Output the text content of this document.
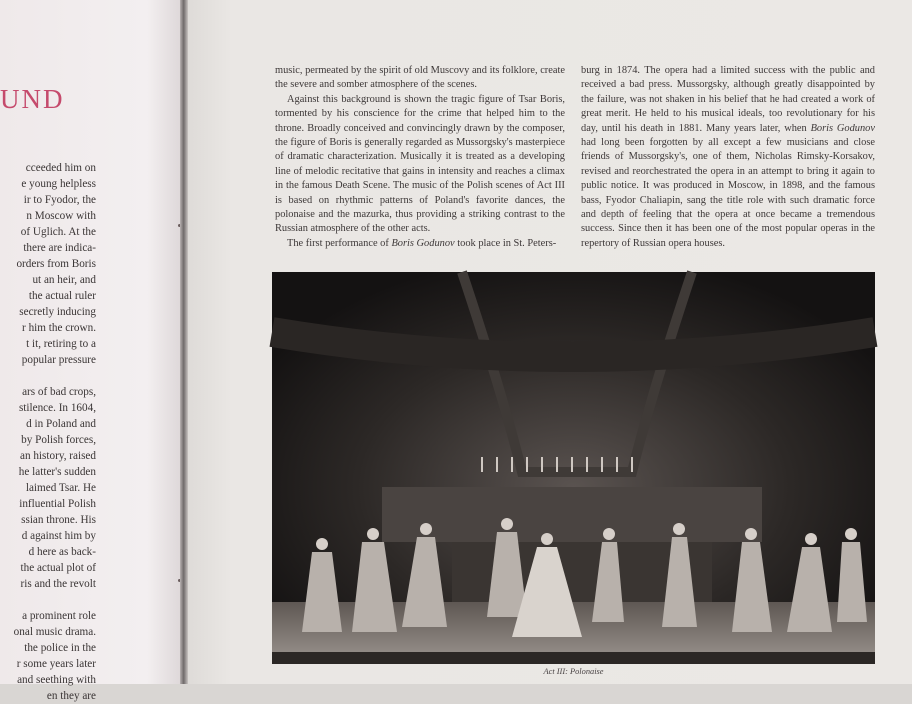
UND
cceeded him on
e young helpless
ir to Fyodor, the
n Moscow with
of Uglich. At the
there are indica-
orders from Boris
ut an heir, and
the actual ruler
secretly inducing
r him the crown.
t it, retiring to a
popular pressure
ars of bad crops,
stilence. In 1604,
d in Poland and
by Polish forces,
an history, raised
he latter's sudden
laimed Tsar. He
influential Polish
ssian throne. His
d against him by
d here as back-
the actual plot of
ris and the revolt
a prominent role
onal music drama.
the police in the
r some years later
and seething with
en they are

music, permeated by the spirit of old Muscovy and its folklore, create the severe and somber atmosphere of the scenes.

Against this background is shown the tragic figure of Tsar Boris, tormented by his conscience for the crime that helped him to the throne. Broadly conceived and convincingly drawn by the composer, the figure of Boris is generally regarded as Mussorgsky's masterpiece of dramatic characterization. Musically it is treated as a developing line of melodic recitative that gains in intensity and reaches a climax in the famous Death Scene. The music of the Polish scenes of Act III is based on rhythmic patterns of Poland's favorite dances, the polonaise and the mazurka, thus providing a striking contrast to the Russian atmosphere of the other acts.

The first performance of Boris Godunov took place in St. Peters-

burg in 1874. The opera had a limited success with the public and received a bad press. Mussorgsky, although greatly disappointed by the failure, was not shaken in his belief that he had created a work of great merit. He held to his musical ideals, too revolutionary for his day, until his death in 1881. Many years later, when Boris Godunov had long been forgotten by all except a few musicians and close friends of Mussorgsky's, one of them, Nicholas Rimsky-Korsakov, revised and reorchestrated the opera in an attempt to bring it again to public notice. It was produced in Moscow, in 1898, and the famous bass, Fyodor Chaliapin, sang the title role with such dramatic force and depth of feeling that the opera at once became a tremendous success. Since then it has been one of the most popular operas in the repertory of Russian opera houses.

Act III: Polonaise
